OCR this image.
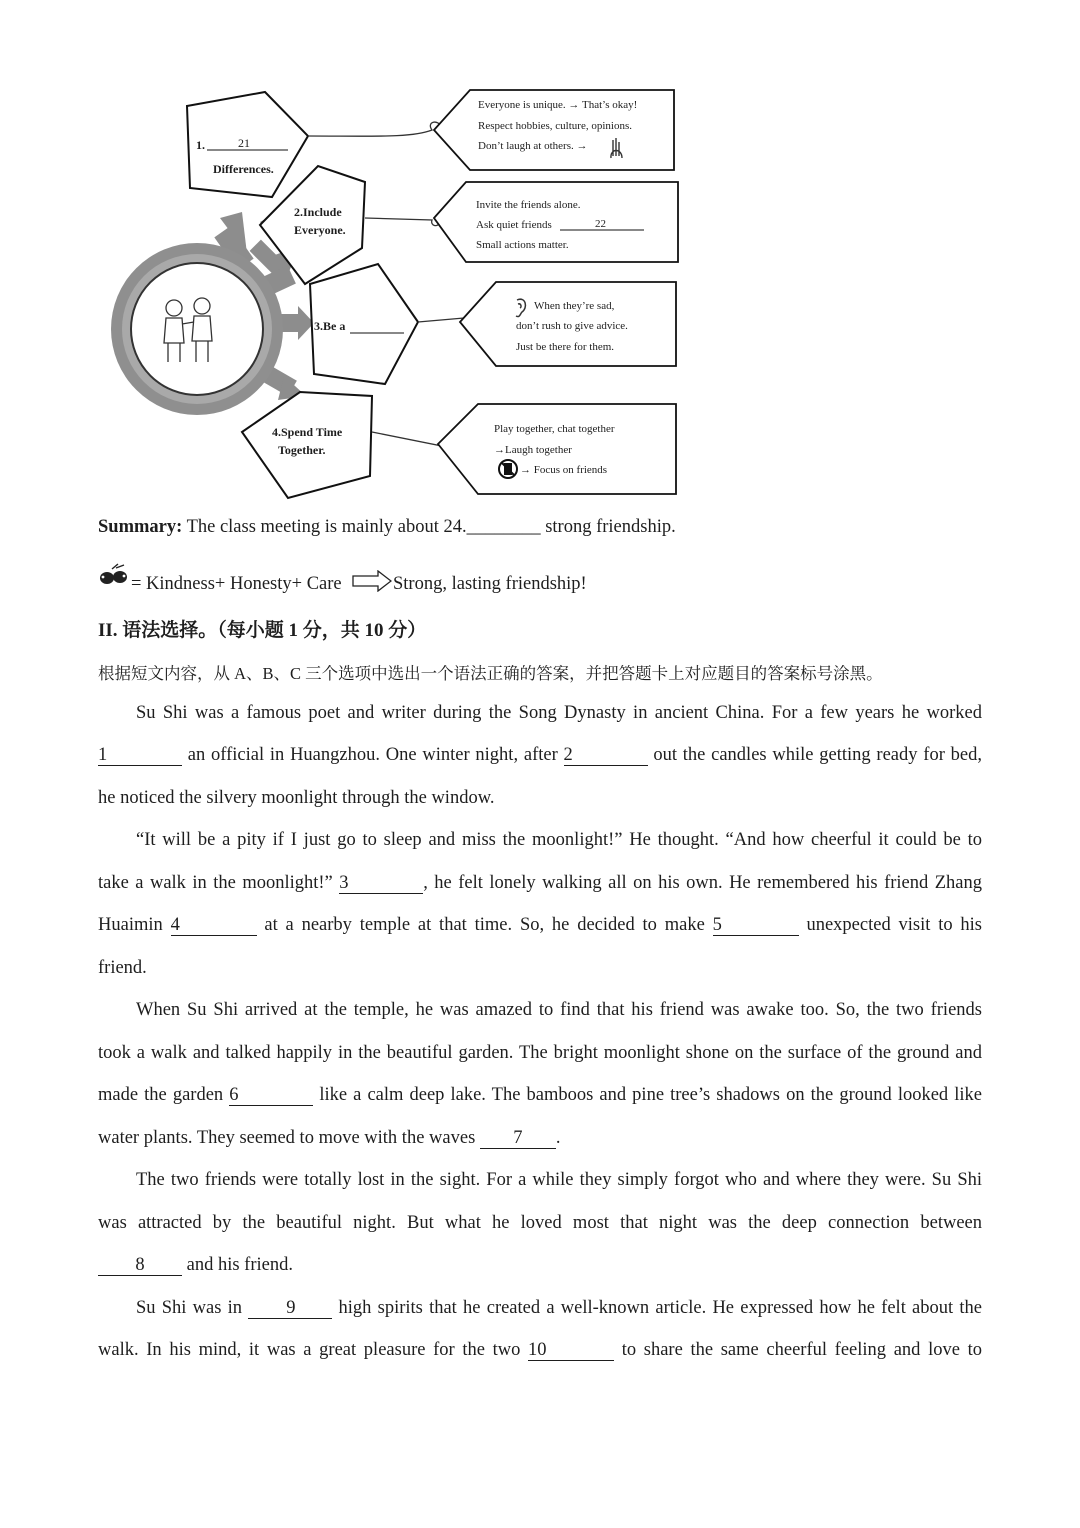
1.	21
Differences.
2.Include
Everyone.
3.Be a
4.Spend Time
Together.
Everyone is unique. → That’s okay!
Respect hobbies, culture, opinions.
Don’t laugh at others. →
Invite the friends alone.
Ask quiet friends	22
Small actions matter.
When they’re sad,
don’t rush to give advice.
Just be there for them.
Play together, chat together
→Laugh together
→ Focus on friends
Summary: The class meeting is mainly about 24.________ strong friendship.
= Kindness+ Honesty+ Care	Strong, lasting friendship!
II. 语法选择。（每小题 1 分，共 10 分）
根据短文内容，从 A、B、C 三个选项中选出一个语法正确的答案，并把答题卡上对应题目的答案标号涂黑。
Su Shi was a famous poet and writer during the Song Dynasty in ancient China. For a few years he worked
1	an official in Huangzhou. One winter night, after 2	out the candles while getting ready for bed,
he noticed the silvery moonlight through the window.
“It will be a pity if I just go to sleep and miss the moonlight!” He thought. “And how cheerful it could be to
take a walk in the moonlight!” 3	, he felt lonely walking all on his own. He remembered his friend Zhang
Huaimin 4	at a nearby temple at that time. So, he decided to make 5	unexpected visit to his
friend.
When Su Shi arrived at the temple, he was amazed to find that his friend was awake too. So, the two friends
took a walk and talked happily in the beautiful garden. The bright moonlight shone on the surface of the ground and
made the garden 6	like a calm deep lake. The bamboos and pine tree’s shadows on the ground looked like
water plants. They seemed to move with the waves 7 .
The two friends were totally lost in the sight. For a while they simply forgot who and where they were. Su Shi
was attracted by the beautiful night. But what he loved most that night was the deep connection between
8 and his friend.
Su Shi was in 9 high spirits that he created a well-known article. He expressed how he felt about the
walk. In his mind, it was a great pleasure for the two 10	to share the same cheerful feeling and love to
